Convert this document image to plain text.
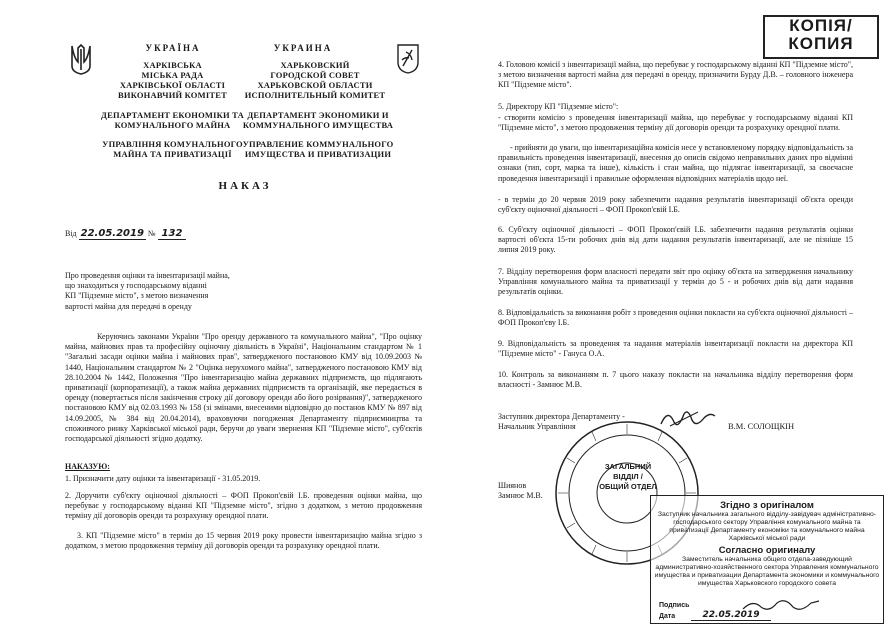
УКРАЇНА	УКРАИНА
ХАРКІВСЬКА
МІСЬКА РАДА
ХАРКІВСЬКОЇ ОБЛАСТІ
ВИКОНАВЧИЙ КОМІТЕТ
ХАРЬКОВСКИЙ
ГОРОДСКОЙ СОВЕТ
ХАРЬКОВСКОЙ ОБЛАСТИ
ИСПОЛНИТЕЛЬНЫЙ КОМИТЕТ
ДЕПАРТАМЕНТ ЕКОНОМІКИ ТА
КОМУНАЛЬНОГО МАЙНА
ДЕПАРТАМЕНТ ЭКОНОМИКИ И
КОММУНАЛЬНОГО ИМУЩЕСТВА
УПРАВЛІННЯ КОМУНАЛЬНОГО
МАЙНА ТА ПРИВАТИЗАЦІЇ
УПРАВЛЕНИЕ КОММУНАЛЬНОГО
ИМУЩЕСТВА И ПРИВАТИЗАЦИИ
НАКАЗ
Від 22.05.2019 № 132
Про проведення оцінки та інвентаризації майна,
що знаходиться у господарському віданні
КП "Підземне місто", з метою визначення
вартості майна для передачі в оренду
Керуючись законами України "Про оренду державного та комунального майна", "Про оцінку майна, майнових прав та професійну оціночну діяльність в Україні", Національним стандартом № 1 "Загальні засади оцінки майна і майнових прав", затвердженого постановою КМУ від 10.09.2003 № 1440, Національним стандартом № 2 "Оцінка нерухомого майна", затвердженого постановою КМУ від 28.10.2004 № 1442, Положення "Про інвентаризацію майна державних підприємств, що підлягають приватизації (корпоратизації), а також майна державних підприємств та організацій, яке передається в оренду (повертається після закінчення строку дії договору оренди або його розірвання)", затвердженого постановою КМУ від 02.03.1993 № 158 (зі змінами, внесеними відповідно до постанов КМУ № 897 від 14.09.2005, № 384 від 20.04.2014), враховуючи погодження Департаменту підприємництва та споживчого ринку Харківської міської ради, беручи до уваги звернення КП "Підземне місто", суб'єктів господарської діяльності згідно додатку.
НАКАЗУЮ:
1. Призначити дату оцінки та інвентаризації - 31.05.2019.
2. Доручити суб'єкту оціночної діяльності – ФОП Прокоп'євій І.Б. проведення оцінки майна, що перебуває у господарському віданні КП "Підземне місто", згідно з додатком, з метою продовження терміну дії договорів оренди та розрахунку орендної плати.
3. КП "Підземне місто" в термін до 15 червня 2019 року провести інвентаризацію майна згідно з додатком, з метою продовження терміну дії договорів оренди та розрахунку орендної плати.
КОПІЯ/
КОПИЯ
4. Головою комісії з інвентаризації майна, що перебуває у господарському віданні КП "Підземне місто", з метою визначення вартості майна для передачі в оренду, призначити Бурду Д.В. – головного інженера КП "Підземне місто".
5. Директору КП "Підземне місто":
- створити комісію з проведення інвентаризації майна, що перебуває у господарському віданні КП "Підземне місто", з метою продовження терміну дії договорів оренди та розрахунку орендної плати.
- прийняти до уваги, що інвентаризаційна комісія несе у встановленому порядку відповідальність за правильність проведення інвентаризації, внесення до описів свідомо неправильних даних про відмінні ознаки (тип, сорт, марка та інше), кількість і стан майна, що підлягає інвентаризації, за своєчасне проведення інвентаризації і правильне оформлення відповідних матеріалів щодо неї.
- в термін до 20 червня 2019 року забезпечити надання результатів інвентаризації об'єкта оренди суб'єкту оціночної діяльності – ФОП Прокоп'євій І.Б.
6. Суб'єкту оціночної діяльності – ФОП Прокоп'євій І.Б. забезпечити надання результатів оцінки вартості об'єкта 15-ти робочих днів від дати надання результатів інвентаризації, але не пізніше 15 липня 2019 року.
7. Відділу перетворення форм власності передати звіт про оцінку об'єкта на затвердження начальнику Управління комунального майна та приватизації у термін до 5 - и робочих днів від дати надання результатів оцінки.
8. Відповідальність за виконання робіт з проведення оцінки покласти на суб'єкта оціночної діяльності – ФОП Прокоп'єву І.Б.
9. Відповідальність за проведення та надання матеріалів інвентаризації покласти на директора КП "Підземне місто" - Гануса О.А.
10. Контроль за виконанням п. 7 цього наказу покласти на начальника відділу перетворення форм власності - Замнює М.В.
Заступник директора Департаменту -
Начальник Управління	В.М. СОЛОЩКІН
Шиянов
Замнює М.В.
ЗАГАЛЬНИЙ
ВІДДІЛ /
ОБЩИЙ ОТДЕЛ
Згідно з оригіналом
Заступник начальника загального відділу-завідувач адміністративно-господарського сектору Управління комунального майна та приватизації Департаменту економіки та комунального майна Харківської міської ради
Согласно оригиналу
Заместитель начальника общего отдела-заведующий административно-хозяйственного сектора Управления коммунального имущества и приватизации Департамента экономики и коммунального имущества Харьковского городского совета
Подпись
Дата	22.05.2019
